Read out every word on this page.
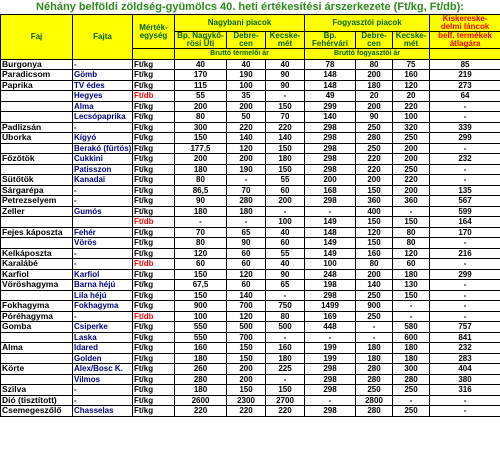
Néhány belföldi zöldség-gyümölcs 40. heti értékesítési árszerkezete (Ft/kg, Ft/db):
Faj	Fajta	Mérték-
egység	Nagybani piacok			Fogyasztói piacok			Kiskereske-
delmi láncok
			Bp. Nagykő-
rösi Úti	Debre-
cen	Kecske-
mét	Bp.
Fehérvári	Debre-
cen	Kecske-
mét	belf. termékek
átlagára
			Bruttó termelői ár			Bruttó fogyasztói ár			
Burgonya	-	Ft/kg	40	40	40	78	80	75	85
Paradicsom	Gömb	Ft/kg	170	190	90	148	200	160	219
Paprika	TV édes	Ft/kg	115	100	90	148	180	120	273
	Hegyes	Ft/db	55	35	-	49	20	20	64
	Alma	Ft/kg	200	200	150	299	200	220	-
	Lecsópaprika	Ft/kg	80	50	70	140	90	100	-
Padlizsán	-	Ft/kg	300	220	220	298	250	320	339
Uborka	Kígyó	Ft/kg	150	140	140	298	280	250	299
	Berakó (fürtös)	Ft/kg	177,5	120	150	298	250	200	-
Főzőtök	Cukkini	Ft/kg	200	200	180	298	220	200	232
	Patisszon	Ft/kg	180	190	150	298	220	250	-
Sütőtök	Kanadai	Ft/kg	80	-	55	200	200	220	-
Sárgarépa	-	Ft/kg	86,5	70	60	168	150	200	135
Petrezselyem	-	Ft/kg	90	280	200	298	360	360	567
Zeller	Gumós	Ft/kg	180	180	-	-	400	-	599
		Ft/db	-	-	100	149	150	150	164
Fejes káposzta	Fehér	Ft/kg	70	65	40	148	120	80	170
	Vörös	Ft/kg	80	90	60	149	150	80	-
Kelkáposzta	-	Ft/kg	120	60	55	149	160	120	216
Karalábé	-	Ft/db	60	60	40	100	80	60	-
Karfiol	Karfiol	Ft/kg	150	120	90	248	200	180	299
Vöröshagyma	Barna héjú	Ft/kg	67,5	60	65	198	140	130	-
	Lila héjú	Ft/kg	150	140	-	298	250	150	-
Fokhagyma	Fokhagyma	Ft/kg	900	700	750	1499	900	-	-
Póréhagyma	-	Ft/db	100	120	80	169	250	-	-
Gomba	Csiperke	Ft/kg	550	500	500	448	-	580	757
	Laska	Ft/kg	550	700	-	-	-	600	841
Alma	Idared	Ft/kg	160	150	160	199	180	180	232
	Golden	Ft/kg	180	150	180	199	180	180	283
Körte	Alex/Bosc K.	Ft/kg	260	200	225	298	280	300	404
	Vilmos	Ft/kg	280	200	-	298	280	280	380
Szilva	-	Ft/kg	180	150	150	298	250	250	316
Dió (tisztított)	-	Ft/kg	2600	2300	2700	-	2800	-	-
Csemegeszőlő	Chasselas	Ft/kg	220	220	220	298	280	250	-
